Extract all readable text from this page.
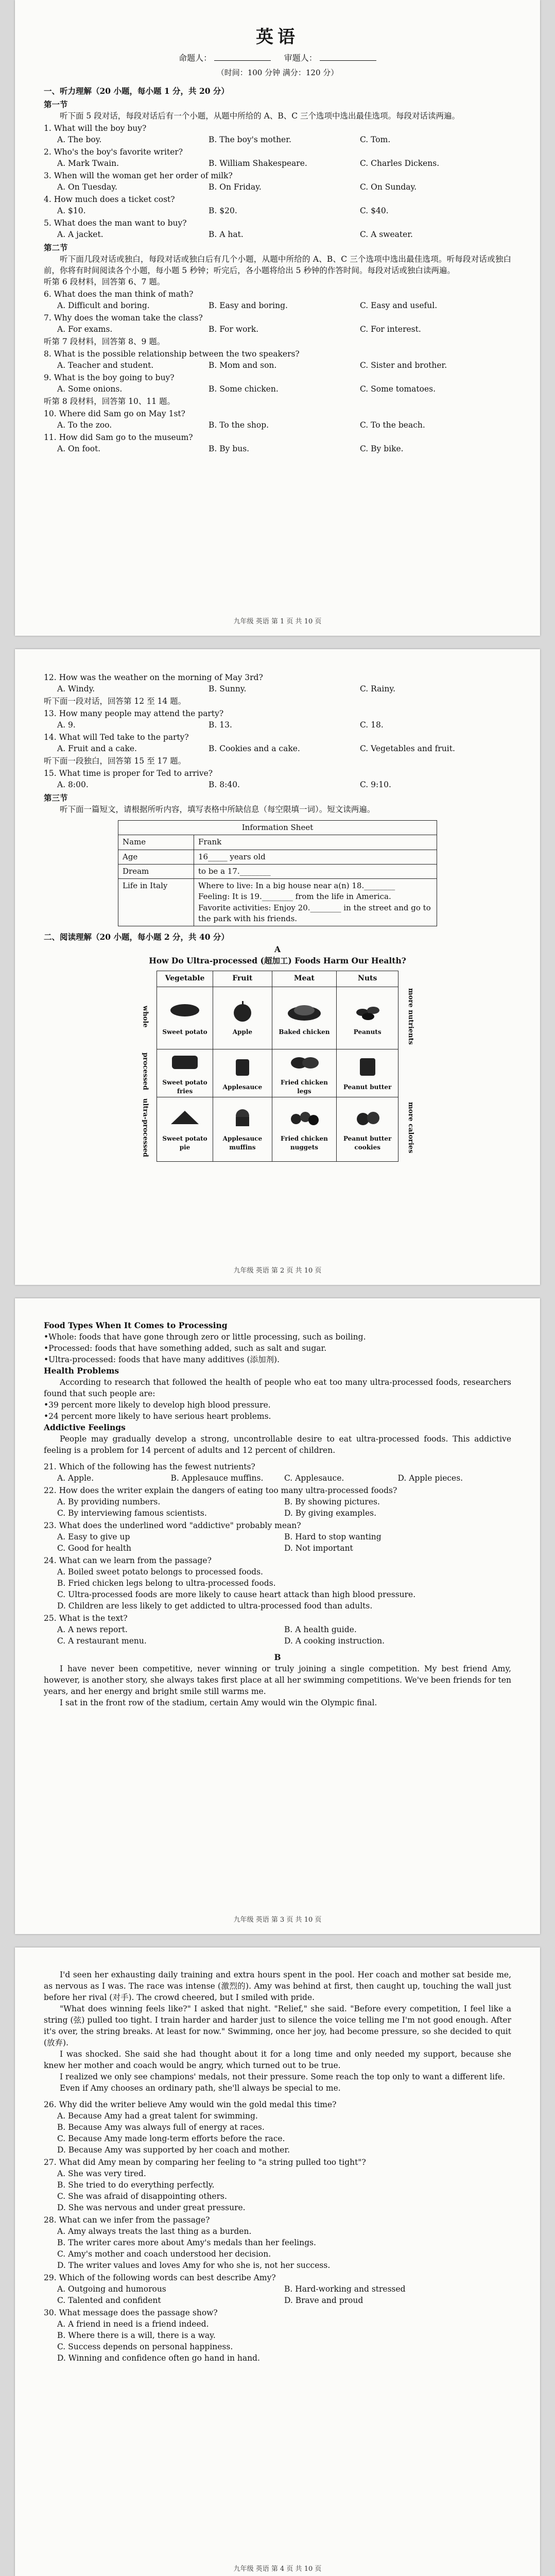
英语
命题人：	审题人：
（时间：100 分钟 满分：120 分）
一、听力理解（20 小题，每小题 1 分，共 20 分）
第一节

听下面 5 段对话，每段对话后有一个小题，从题中所给的 A、B、C 三个选项中选出最佳选项。每段对话读两遍。

1. What will the boy buy?

A. The boy.	B. The boy's mother.	C. Tom.

2. Who's the boy's favorite writer?

A. Mark Twain.	B. William Shakespeare.	C. Charles Dickens.

3. When will the woman get her order of milk?

A. On Tuesday.	B. On Friday.	C. On Sunday.

4. How much does a ticket cost?

A. $10.	B. $20.	C. $40.

5. What does the man want to buy?

A. A jacket.	B. A hat.	C. A sweater.
第二节

听下面几段对话或独白，每段对话或独白后有几个小题，从题中所给的 A、B、C 三个选项中选出最佳选项。听每段对话或独白前，你将有时间阅读各个小题，每小题 5 秒钟；听完后，各小题将给出 5 秒钟的作答时间。每段对话或独白读两遍。

听第 6 段材料，回答第 6、7 题。

6. What does the man think of math?

A. Difficult and boring.	B. Easy and boring.	C. Easy and useful.

7. Why does the woman take the class?

A. For exams.	B. For work.	C. For interest.

听第 7 段材料，回答第 8、9 题。

8. What is the possible relationship between the two speakers?

A. Teacher and student.	B. Mom and son.	C. Sister and brother.

9. What is the boy going to buy?

A. Some onions.	B. Some chicken.	C. Some tomatoes.

听第 8 段材料，回答第 10、11 题。

10. Where did Sam go on May 1st?

A. To the zoo.	B. To the shop.	C. To the beach.

11. How did Sam go to the museum?

A. On foot.	B. By bus.	C. By bike.
九年级 英语 第 1 页 共 10 页

12. How was the weather on the morning of May 3rd?

A. Windy.	B. Sunny.	C. Rainy.

听下面一段对话，回答第 12 至 14 题。

13. How many people may attend the party?

A. 9.	B. 13.	C. 18.

14. What will Ted take to the party?

A. Fruit and a cake.	B. Cookies and a cake.	C. Vegetables and fruit.

听下面一段独白，回答第 15 至 17 题。

15. What time is proper for Ted to arrive?

A. 8:00.	B. 8:40.	C. 9:10.
第三节

听下面一篇短文，请根据所听内容，填写表格中所缺信息（每空限填一词）。短文读两遍。

Information Sheet	
Name	Frank
Age	16_____ years old
Dream	to be a 17.________
Life in Italy	Where to live: In a big house near a(n) 18.________
Feeling: It is 19.________ from the life in America.
Favorite activities: Enjoy 20.________ in the street and go to the park with his friends.
二、阅读理解（20 小题，每小题 2 分，共 40 分）
A
How Do Ultra-processed (超加工) Foods Harm Our Health?
	Vegetable	Fruit	Meat	Nuts	
whole	Sweet potato	Apple	Baked chicken	Peanuts	more nutrients
processed	Sweet potato fries	Applesauce	Fried chicken legs	Peanut butter	

ultra-processed	Sweet potato pie	Applesauce muffins	Fried chicken nuggets	Peanut butter cookies	more calories
九年级 英语 第 2 页 共 10 页
Food Types When It Comes to Processing

•Whole: foods that have gone through zero or little processing, such as boiling.

•Processed: foods that have something added, such as salt and sugar.

•Ultra-processed: foods that have many additives (添加剂).

Health Problems

According to research that followed the health of people who eat too many ultra-processed foods, researchers found that such people are:

•39 percent more likely to develop high blood pressure.

•24 percent more likely to have serious heart problems.

Addictive Feelings

People may gradually develop a strong, uncontrollable desire to eat ultra-processed foods. This addictive feeling is a problem for 14 percent of adults and 12 percent of children.

21. Which of the following has the fewest nutrients?

A. Apple.	B. Applesauce muffins.	C. Applesauce.	D. Apple pieces.

22. How does the writer explain the dangers of eating too many ultra-processed foods?

A. By providing numbers.	B. By showing pictures.
C. By interviewing famous scientists.	D. By giving examples.

23. What does the underlined word "addictive" probably mean?

A. Easy to give up	B. Hard to stop wanting
C. Good for health	D. Not important

24. What can we learn from the passage?

A. Boiled sweet potato belongs to processed foods.
B. Fried chicken legs belong to ultra-processed foods.
C. Ultra-processed foods are more likely to cause heart attack than high blood pressure.
D. Children are less likely to get addicted to ultra-processed food than adults.

25. What is the text?

A. A news report.	B. A health guide.
C. A restaurant menu.	D. A cooking instruction.
B

I have never been competitive, never winning or truly joining a single competition. My best friend Amy, however, is another story, she always takes first place at all her swimming competitions. We've been friends for ten years, and her energy and bright smile still warms me.

I sat in the front row of the stadium, certain Amy would win the Olympic final.

九年级 英语 第 3 页 共 10 页

I'd seen her exhausting daily training and extra hours spent in the pool. Her coach and mother sat beside me, as nervous as I was. The race was intense (激烈的). Amy was behind at first, then caught up, touching the wall just before her rival (对手). The crowd cheered, but I smiled with pride.

"What does winning feels like?" I asked that night. "Relief," she said. "Before every competition, I feel like a string (弦) pulled too tight. I train harder and harder just to silence the voice telling me I'm not good enough. After it's over, the string breaks. At least for now." Swimming, once her joy, had become pressure, so she decided to quit (放弃).

I was shocked. She said she had thought about it for a long time and only needed my support, because she knew her mother and coach would be angry, which turned out to be true.

I realized we only see champions' medals, not their pressure. Some reach the top only to want a different life.

Even if Amy chooses an ordinary path, she'll always be special to me.

26. Why did the writer believe Amy would win the gold medal this time?

A. Because Amy had a great talent for swimming.
B. Because Amy was always full of energy at races.
C. Because Amy made long-term efforts before the race.
D. Because Amy was supported by her coach and mother.

27. What did Amy mean by comparing her feeling to "a string pulled too tight"?

A. She was very tired.
B. She tried to do everything perfectly.
C. She was afraid of disappointing others.
D. She was nervous and under great pressure.

28. What can we infer from the passage?

A. Amy always treats the last thing as a burden.
B. The writer cares more about Amy's medals than her feelings.
C. Amy's mother and coach understood her decision.
D. The writer values and loves Amy for who she is, not her success.

29. Which of the following words can best describe Amy?

A. Outgoing and humorous	B. Hard-working and stressed
C. Talented and confident	D. Brave and proud

30. What message does the passage show?

A. A friend in need is a friend indeed.
B. Where there is a will, there is a way.
C. Success depends on personal happiness.
D. Winning and confidence often go hand in hand.
九年级 英语 第 4 页 共 10 页
